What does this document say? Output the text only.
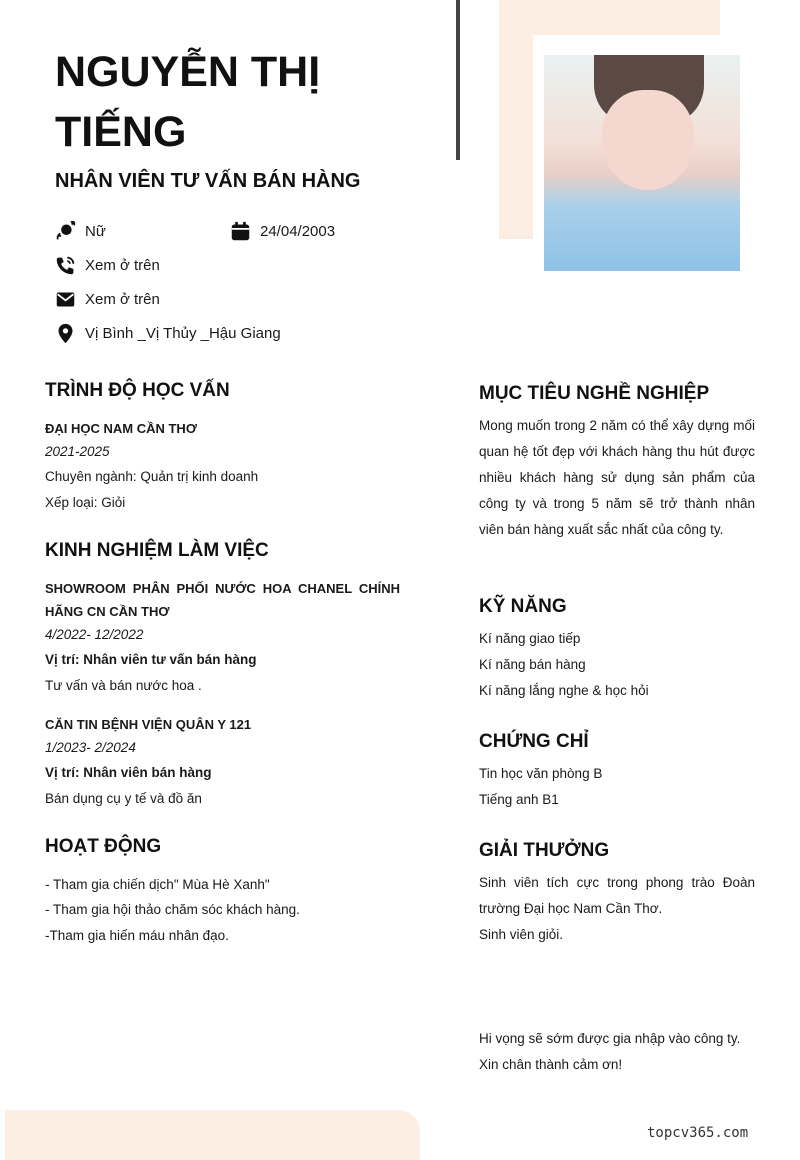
NGUYỄN THỊ TIẾNG
NHÂN VIÊN TƯ VẤN BÁN HÀNG
Nữ	24/04/2003
Xem ở trên
Xem ở trên
Vị Bình _Vị Thủy _Hậu Giang
TRÌNH ĐỘ HỌC VẤN
ĐẠI HỌC NAM CẦN THƠ
2021-2025
Chuyên ngành: Quản trị kinh doanh
Xếp loại: Giỏi
KINH NGHIỆM LÀM VIỆC
SHOWROOM PHÂN PHỐI NƯỚC HOA CHANEL CHÍNH HÃNG CN CẦN THƠ
4/2022- 12/2022
Vị trí: Nhân viên tư vấn bán hàng
Tư vấn và bán nước hoa .
CĂN TIN BỆNH VIỆN QUÂN Y 121
1/2023- 2/2024
Vị trí: Nhân viên bán hàng
Bán dụng cụ y tế và đồ ăn
HOẠT ĐỘNG
- Tham gia chiến dịch" Mùa Hè Xanh"
- Tham gia hội thảo chăm sóc khách hàng.
-Tham gia hiến máu nhân đạo.
MỤC TIÊU NGHỀ NGHIỆP
Mong muốn trong 2 năm có thể xây dựng mối quan hệ tốt đẹp với khách hàng thu hút được nhiều khách hàng sử dụng sản phẩm của công ty và trong 5 năm sẽ trở thành nhân viên bán hàng xuất sắc nhất của công ty.
KỸ NĂNG
Kí năng giao tiếp
Kí năng bán hàng
Kí năng lắng nghe & học hỏi
CHỨNG CHỈ
Tin học văn phòng B
Tiếng anh B1
GIẢI THƯỞNG
Sinh viên tích cực trong phong trào Đoàn trường Đại học Nam Cần Thơ.
Sinh viên giỏi.
Hi vọng sẽ sớm được gia nhập vào công ty.
Xin chân thành cảm ơn!
topcv365.com
